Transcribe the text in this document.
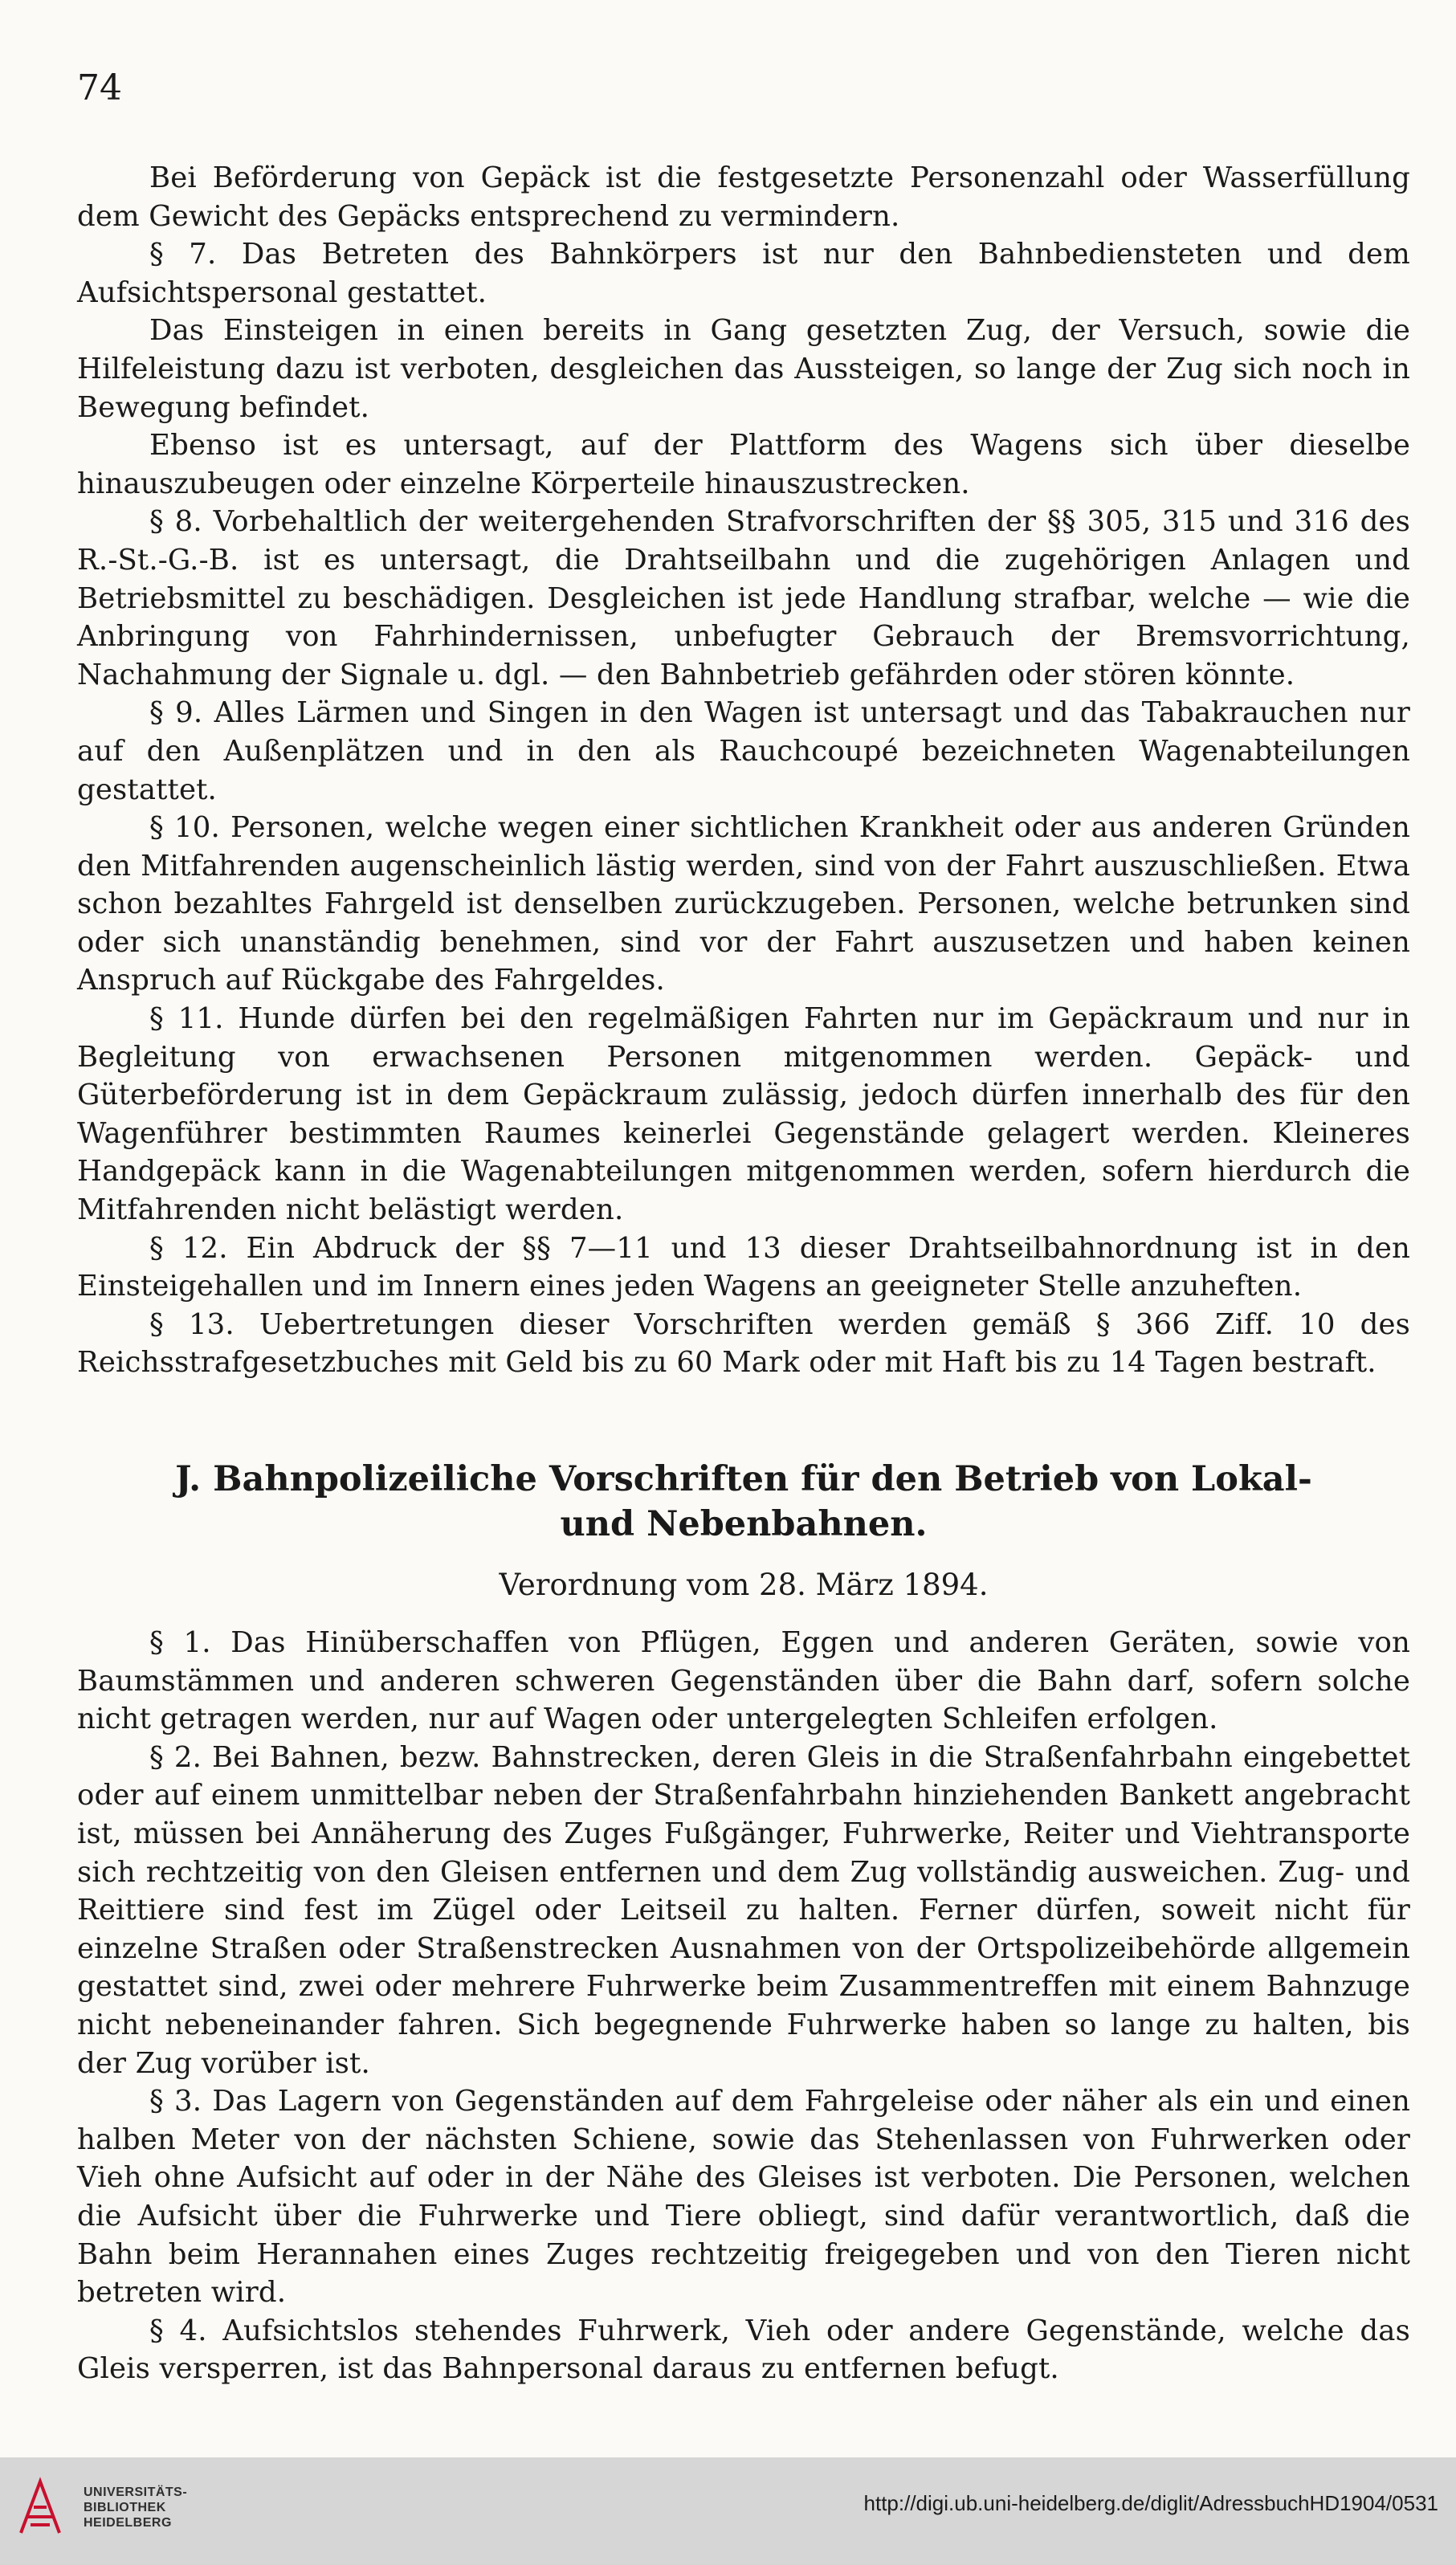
74

Bei Beförderung von Gepäck ist die festgesetzte Personenzahl oder Wasserfüllung dem Gewicht des Gepäcks entsprechend zu vermindern.

§ 7. Das Betreten des Bahnkörpers ist nur den Bahnbediensteten und dem Aufsichtspersonal gestattet.

Das Einsteigen in einen bereits in Gang gesetzten Zug, der Versuch, sowie die Hilfeleistung dazu ist verboten, desgleichen das Aussteigen, so lange der Zug sich noch in Bewegung befindet.

Ebenso ist es untersagt, auf der Plattform des Wagens sich über dieselbe hinauszubeugen oder einzelne Körperteile hinauszustrecken.

§ 8. Vorbehaltlich der weitergehenden Strafvorschriften der §§ 305, 315 und 316 des R.-St.-G.-B. ist es untersagt, die Drahtseilbahn und die zugehörigen Anlagen und Betriebsmittel zu beschädigen. Desgleichen ist jede Handlung strafbar, welche — wie die Anbringung von Fahrhindernissen, unbefugter Gebrauch der Bremsvorrichtung, Nachahmung der Signale u. dgl. — den Bahnbetrieb gefährden oder stören könnte.

§ 9. Alles Lärmen und Singen in den Wagen ist untersagt und das Tabakrauchen nur auf den Außenplätzen und in den als Rauchcoupé bezeichneten Wagenabteilungen gestattet.

§ 10. Personen, welche wegen einer sichtlichen Krankheit oder aus anderen Gründen den Mitfahrenden augenscheinlich lästig werden, sind von der Fahrt auszuschließen. Etwa schon bezahltes Fahrgeld ist denselben zurückzugeben. Personen, welche betrunken sind oder sich unanständig benehmen, sind vor der Fahrt auszusetzen und haben keinen Anspruch auf Rückgabe des Fahrgeldes.

§ 11. Hunde dürfen bei den regelmäßigen Fahrten nur im Gepäckraum und nur in Begleitung von erwachsenen Personen mitgenommen werden. Gepäck- und Güterbeförderung ist in dem Gepäckraum zulässig, jedoch dürfen innerhalb des für den Wagenführer bestimmten Raumes keinerlei Gegenstände gelagert werden. Kleineres Handgepäck kann in die Wagenabteilungen mitgenommen werden, sofern hierdurch die Mitfahrenden nicht belästigt werden.

§ 12. Ein Abdruck der §§ 7—11 und 13 dieser Drahtseilbahnordnung ist in den Einsteigehallen und im Innern eines jeden Wagens an geeigneter Stelle anzuheften.

§ 13. Uebertretungen dieser Vorschriften werden gemäß § 366 Ziff. 10 des Reichsstrafgesetzbuches mit Geld bis zu 60 Mark oder mit Haft bis zu 14 Tagen bestraft.

J. Bahnpolizeiliche Vorschriften für den Betrieb von Lokal-
und Nebenbahnen.
Verordnung vom 28. März 1894.

§ 1. Das Hinüberschaffen von Pflügen, Eggen und anderen Geräten, sowie von Baumstämmen und anderen schweren Gegenständen über die Bahn darf, sofern solche nicht getragen werden, nur auf Wagen oder untergelegten Schleifen erfolgen.

§ 2. Bei Bahnen, bezw. Bahnstrecken, deren Gleis in die Straßenfahrbahn eingebettet oder auf einem unmittelbar neben der Straßenfahrbahn hinziehenden Bankett angebracht ist, müssen bei Annäherung des Zuges Fußgänger, Fuhrwerke, Reiter und Viehtransporte sich rechtzeitig von den Gleisen entfernen und dem Zug vollständig ausweichen. Zug- und Reittiere sind fest im Zügel oder Leitseil zu halten. Ferner dürfen, soweit nicht für einzelne Straßen oder Straßenstrecken Ausnahmen von der Ortspolizeibehörde allgemein gestattet sind, zwei oder mehrere Fuhrwerke beim Zusammentreffen mit einem Bahnzuge nicht nebeneinander fahren. Sich begegnende Fuhrwerke haben so lange zu halten, bis der Zug vorüber ist.

§ 3. Das Lagern von Gegenständen auf dem Fahrgeleise oder näher als ein und einen halben Meter von der nächsten Schiene, sowie das Stehenlassen von Fuhrwerken oder Vieh ohne Aufsicht auf oder in der Nähe des Gleises ist verboten. Die Personen, welchen die Aufsicht über die Fuhrwerke und Tiere obliegt, sind dafür verantwortlich, daß die Bahn beim Herannahen eines Zuges rechtzeitig freigegeben und von den Tieren nicht betreten wird.

§ 4. Aufsichtslos stehendes Fuhrwerk, Vieh oder andere Gegenstände, welche das Gleis versperren, ist das Bahnpersonal daraus zu entfernen befugt.

UNIVERSITÄTS-
BIBLIOTHEK
HEIDELBERG
http://digi.ub.uni-heidelberg.de/diglit/AdressbuchHD1904/0531
